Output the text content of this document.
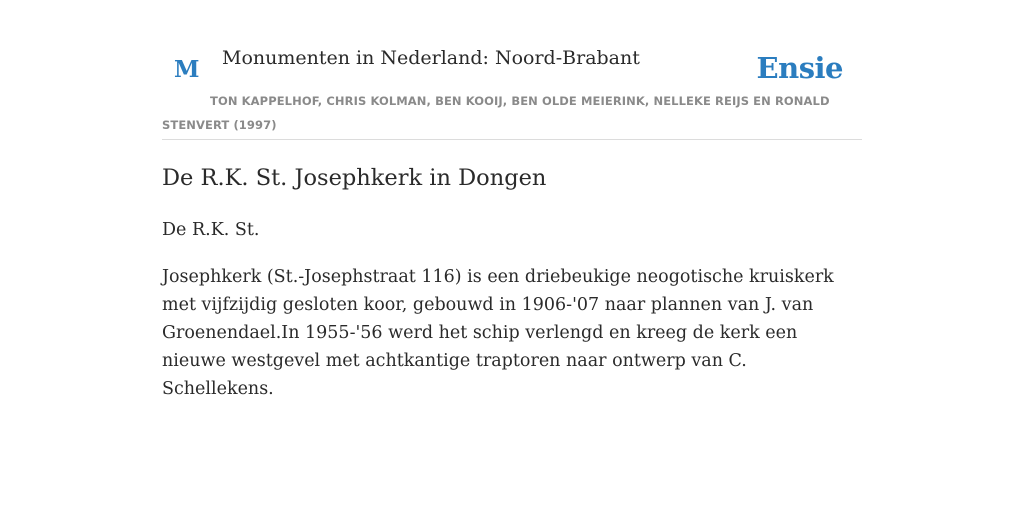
M Monumenten in Nederland: Noord-Brabant	Ensie
TON KAPPELHOF, CHRIS KOLMAN, BEN KOOIJ, BEN OLDE MEIERINK, NELLEKE REIJS EN RONALD STENVERT (1997)
De R.K. St. Josephkerk in Dongen

De R.K. St.

Josephkerk (St.-Josephstraat 116) is een driebeukige neogotische kruiskerk met vijfzijdig gesloten koor, gebouwd in 1906-'07 naar plannen van J. van Groenendael.In 1955-'56 werd het schip verlengd en kreeg de kerk een nieuwe westgevel met achtkantige traptoren naar ontwerp van C. Schellekens.
